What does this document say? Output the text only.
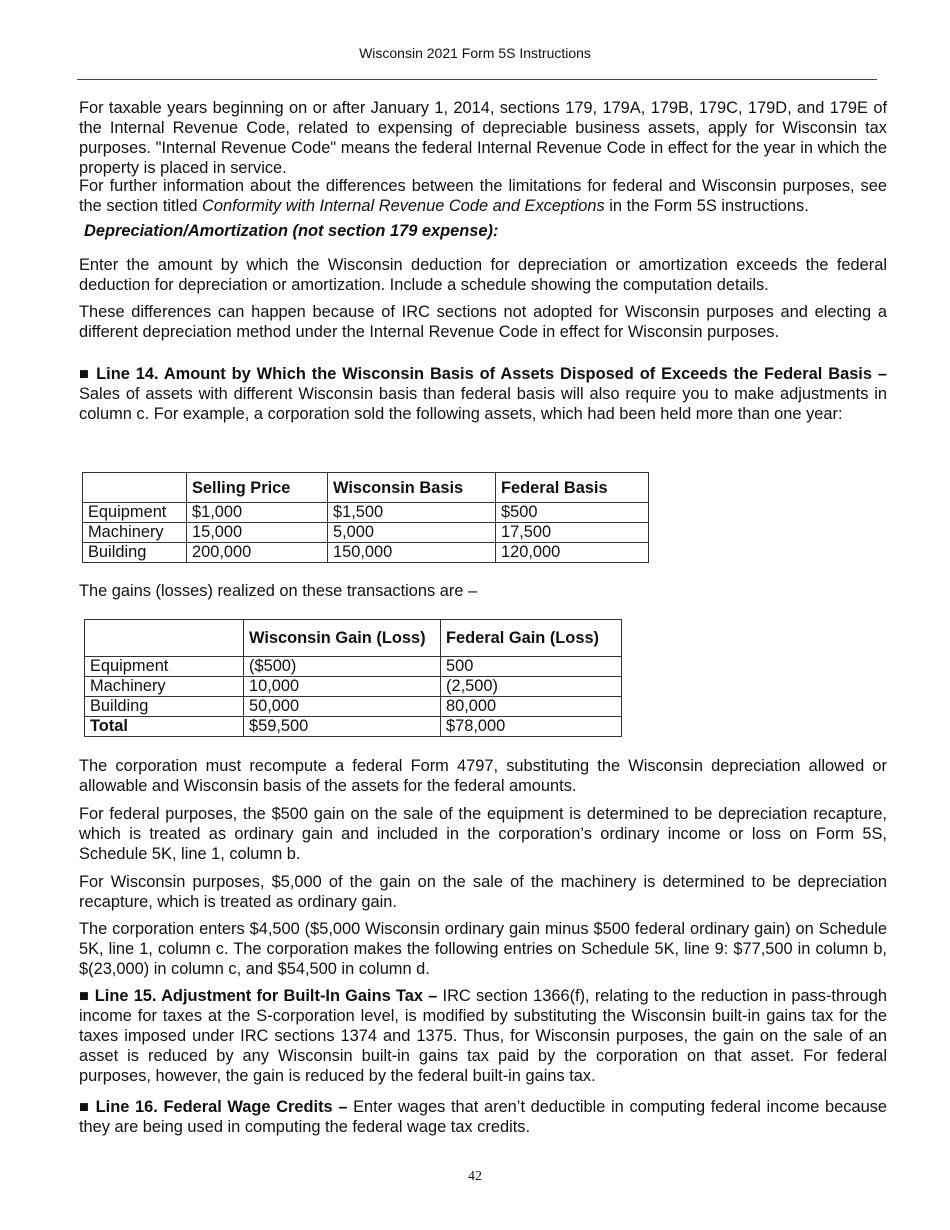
Wisconsin 2021 Form 5S Instructions

For taxable years beginning on or after January 1, 2014, sections 179, 179A, 179B, 179C, 179D, and 179E of the Internal Revenue Code, related to expensing of depreciable business assets, apply for Wisconsin tax purposes. "Internal Revenue Code" means the federal Internal Revenue Code in effect for the year in which the property is placed in service.

For further information about the differences between the limitations for federal and Wisconsin purposes, see the section titled Conformity with Internal Revenue Code and Exceptions in the Form 5S instructions.

Depreciation/Amortization (not section 179 expense):

Enter the amount by which the Wisconsin deduction for depreciation or amortization exceeds the federal deduction for depreciation or amortization. Include a schedule showing the computation details.

These differences can happen because of IRC sections not adopted for Wisconsin purposes and electing a different depreciation method under the Internal Revenue Code in effect for Wisconsin purposes.

■ Line 14. Amount by Which the Wisconsin Basis of Assets Disposed of Exceeds the Federal Basis – Sales of assets with different Wisconsin basis than federal basis will also require you to make adjustments in column c. For example, a corporation sold the following assets, which had been held more than one year:

	Selling Price	Wisconsin Basis	Federal Basis
Equipment	$1,000	$1,500	$500
Machinery	15,000	5,000	17,500
Building	200,000	150,000	120,000

The gains (losses) realized on these transactions are –

	Wisconsin Gain (Loss)	Federal Gain (Loss)
Equipment	($500)	500
Machinery	10,000	(2,500)
Building	50,000	80,000
Total	$59,500	$78,000

The corporation must recompute a federal Form 4797, substituting the Wisconsin depreciation allowed or allowable and Wisconsin basis of the assets for the federal amounts.

For federal purposes, the $500 gain on the sale of the equipment is determined to be depreciation recapture, which is treated as ordinary gain and included in the corporation’s ordinary income or loss on Form 5S, Schedule 5K, line 1, column b.

For Wisconsin purposes, $5,000 of the gain on the sale of the machinery is determined to be depreciation recapture, which is treated as ordinary gain.

The corporation enters $4,500 ($5,000 Wisconsin ordinary gain minus $500 federal ordinary gain) on Schedule 5K, line 1, column c. The corporation makes the following entries on Schedule 5K, line 9: $77,500 in column b, $(23,000) in column c, and $54,500 in column d.

■ Line 15. Adjustment for Built-In Gains Tax – IRC section 1366(f), relating to the reduction in pass-through income for taxes at the S-corporation level, is modified by substituting the Wisconsin built-in gains tax for the taxes imposed under IRC sections 1374 and 1375. Thus, for Wisconsin purposes, the gain on the sale of an asset is reduced by any Wisconsin built-in gains tax paid by the corporation on that asset. For federal purposes, however, the gain is reduced by the federal built-in gains tax.

■ Line 16. Federal Wage Credits – Enter wages that aren’t deductible in computing federal income because they are being used in computing the federal wage tax credits.

42
